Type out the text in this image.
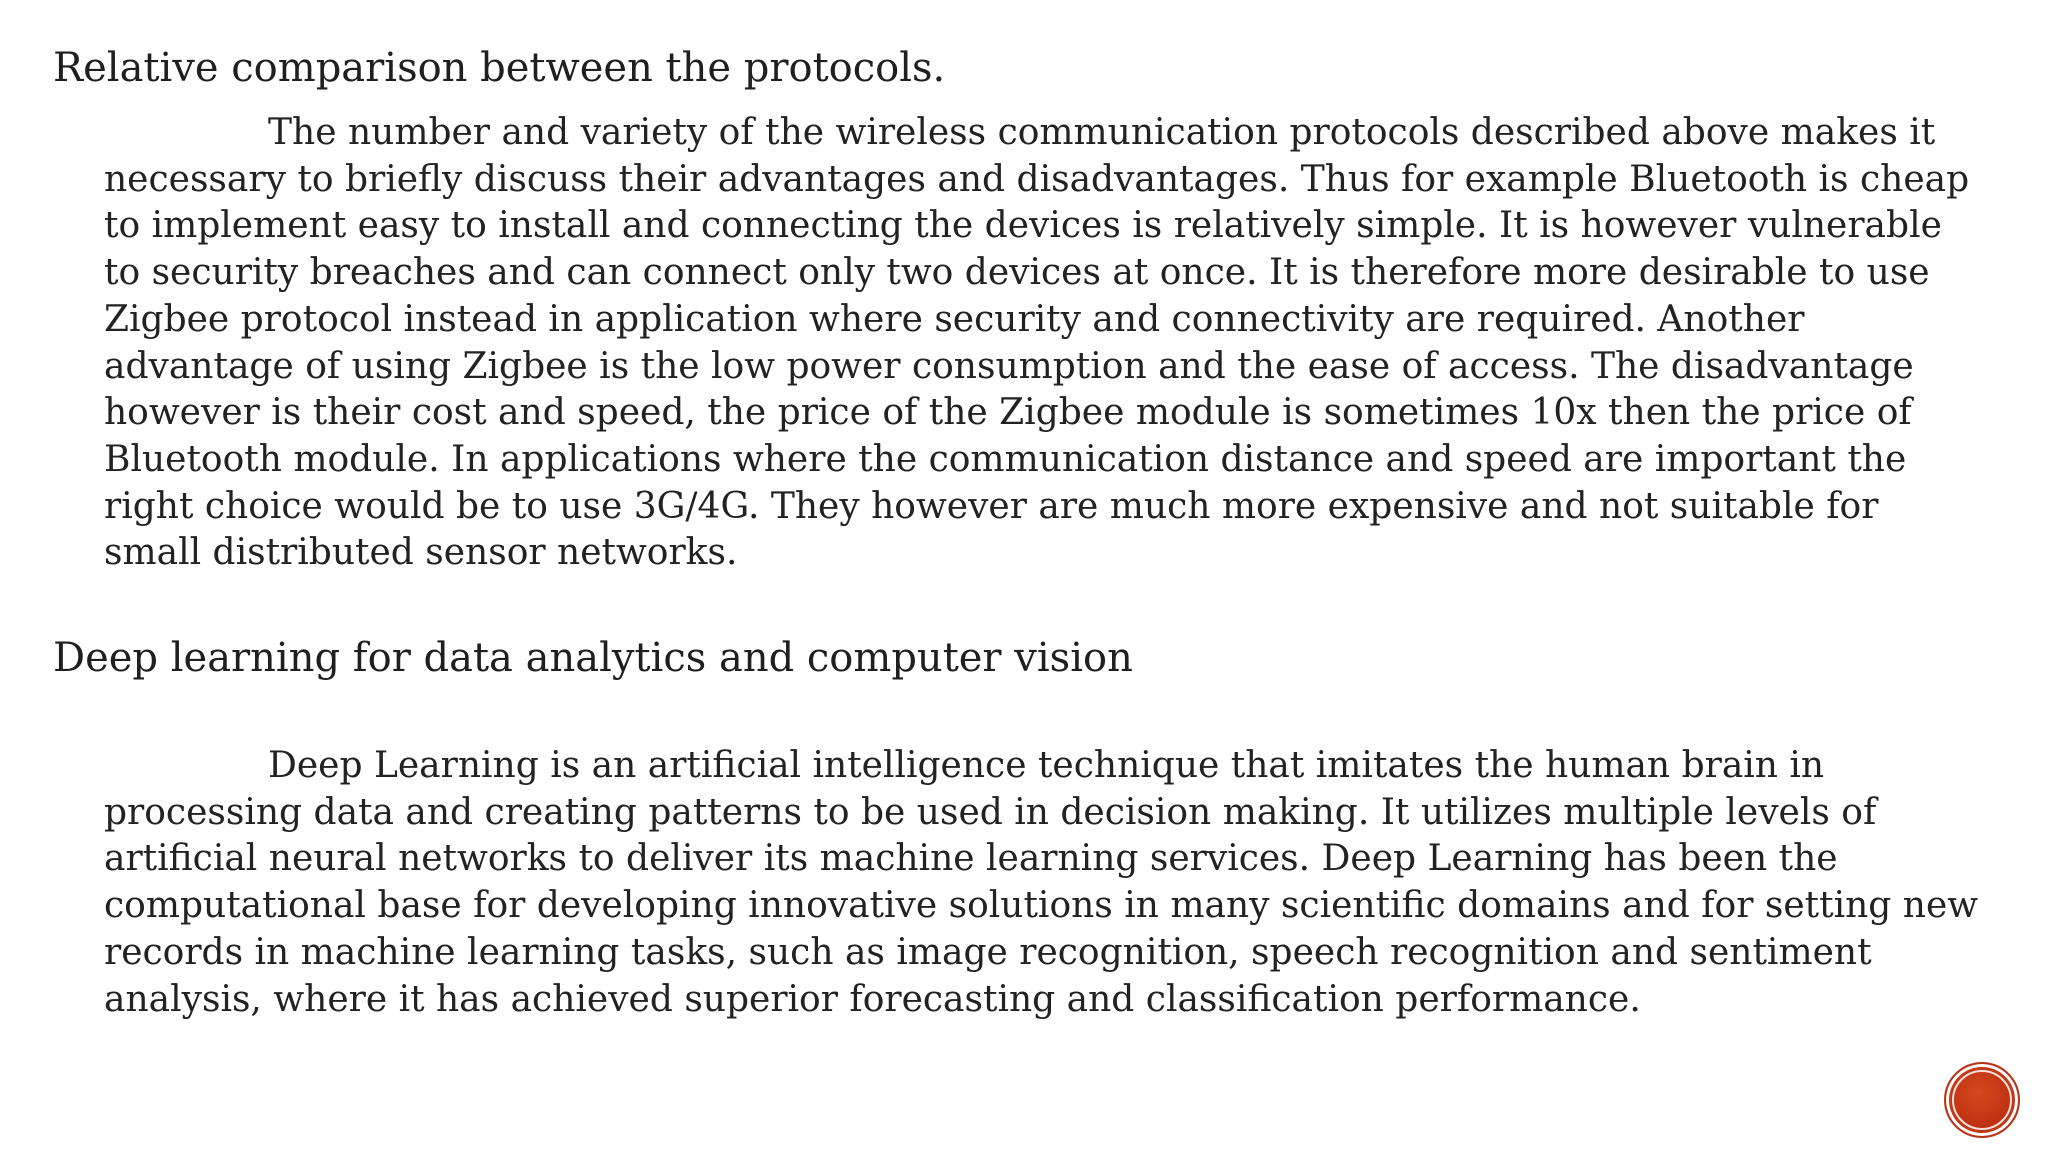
Relative comparison between the protocols.

The number and variety of the wireless communication protocols described above makes it necessary to briefly discuss their advantages and disadvantages. Thus for example Bluetooth is cheap to implement easy to install and connecting the devices is relatively simple. It is however vulnerable to security breaches and can connect only two devices at once. It is therefore more desirable to use Zigbee protocol instead in application where security and connectivity are required. Another advantage of using Zigbee is the low power consumption and the ease of access. The disadvantage however is their cost and speed, the price of the Zigbee module is sometimes 10x then the price of Bluetooth module. In applications where the communication distance and speed are important the right choice would be to use 3G/4G. They however are much more expensive and not suitable for small distributed sensor networks.

Deep learning for data analytics and computer vision

Deep Learning is an artificial intelligence technique that imitates the human brain in processing data and creating patterns to be used in decision making. It utilizes multiple levels of artificial neural networks to deliver its machine learning services. Deep Learning has been the computational base for developing innovative solutions in many scientific domains and for setting new records in machine learning tasks, such as image recognition, speech recognition and sentiment analysis, where it has achieved superior forecasting and classification performance.
